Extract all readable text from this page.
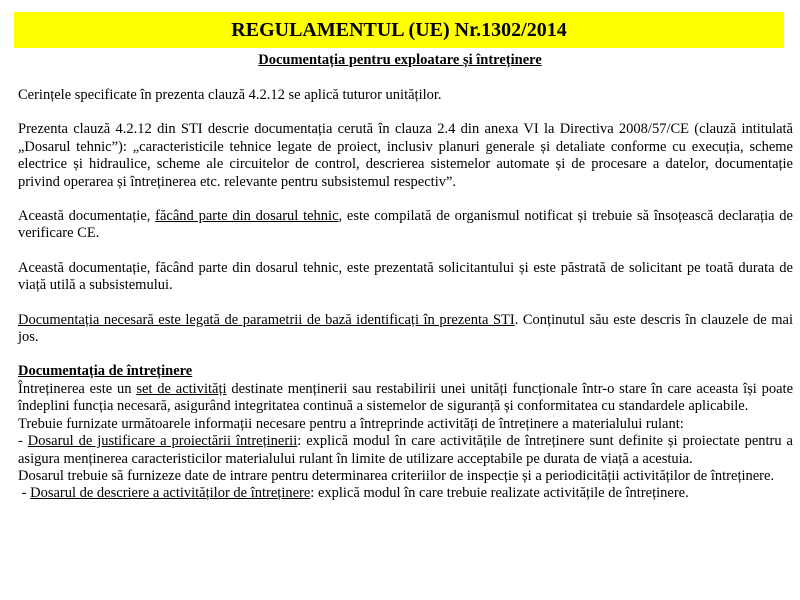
REGULAMENTUL (UE) Nr.1302/2014
Documentația pentru exploatare și întreținere

Cerințele specificate în prezenta clauză 4.2.12 se aplică tuturor unităților.

Prezenta clauză 4.2.12 din STI descrie documentația cerută în clauza 2.4 din anexa VI la Directiva 2008/57/CE (clauză intitulată „Dosarul tehnic”): „caracteristicile tehnice legate de proiect, inclusiv planuri generale și detaliate conforme cu execuția, scheme electrice și hidraulice, scheme ale circuitelor de control, descrierea sistemelor automate și de procesare a datelor, documentație privind operarea și întreținerea etc. relevante pentru subsistemul respectiv”.

Această documentație, făcând parte din dosarul tehnic, este compilată de organismul notificat și trebuie să însoțească declarația de verificare CE.

Această documentație, făcând parte din dosarul tehnic, este prezentată solicitantului și este păstrată de solicitant pe toată durata de viață utilă a subsistemului.

Documentația necesară este legată de parametrii de bază identificați în prezenta STI. Conținutul său este descris în clauzele de mai jos.

Documentația de întreținere

Întreținerea este un set de activități destinate menținerii sau restabilirii unei unități funcționale într-o stare în care aceasta își poate îndeplini funcția necesară, asigurând integritatea continuă a sistemelor de siguranță și conformitatea cu standardele aplicabile.

Trebuie furnizate următoarele informații necesare pentru a întreprinde activități de întreținere a materialului rulant:

- Dosarul de justificare a proiectării întreținerii: explică modul în care activitățile de întreținere sunt definite și proiectate pentru a asigura menținerea caracteristicilor materialului rulant în limite de utilizare acceptabile pe durata de viață a acestuia.

Dosarul trebuie să furnizeze date de intrare pentru determinarea criteriilor de inspecție și a periodicității activităților de întreținere.

- Dosarul de descriere a activităților de întreținere: explică modul în care trebuie realizate activitățile de întreținere.
